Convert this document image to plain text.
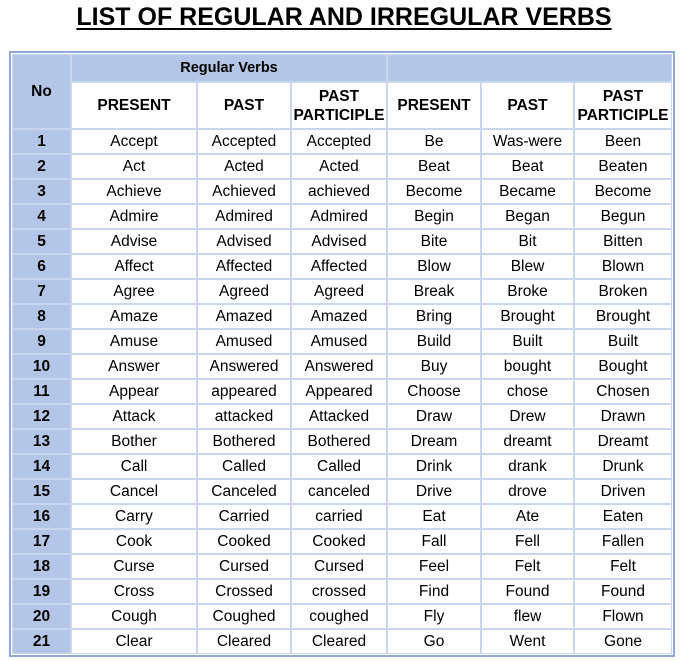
LIST OF REGULAR AND IRREGULAR VERBS
No	Regular Verbs					
	PRESENT	PAST	PAST PARTICIPLE	PRESENT	PAST	PAST PARTICIPLE
1	Accept	Accepted	Accepted	Be	Was-were	Been
2	Act	Acted	Acted	Beat	Beat	Beaten
3	Achieve	Achieved	achieved	Become	Became	Become
4	Admire	Admired	Admired	Begin	Began	Begun
5	Advise	Advised	Advised	Bite	Bit	Bitten
6	Affect	Affected	Affected	Blow	Blew	Blown
7	Agree	Agreed	Agreed	Break	Broke	Broken
8	Amaze	Amazed	Amazed	Bring	Brought	Brought
9	Amuse	Amused	Amused	Build	Built	Built
10	Answer	Answered	Answered	Buy	bought	Bought
11	Appear	appeared	Appeared	Choose	chose	Chosen
12	Attack	attacked	Attacked	Draw	Drew	Drawn
13	Bother	Bothered	Bothered	Dream	dreamt	Dreamt
14	Call	Called	Called	Drink	drank	Drunk
15	Cancel	Canceled	canceled	Drive	drove	Driven
16	Carry	Carried	carried	Eat	Ate	Eaten
17	Cook	Cooked	Cooked	Fall	Fell	Fallen
18	Curse	Cursed	Cursed	Feel	Felt	Felt
19	Cross	Crossed	crossed	Find	Found	Found
20	Cough	Coughed	coughed	Fly	flew	Flown
21	Clear	Cleared	Cleared	Go	Went	Gone
